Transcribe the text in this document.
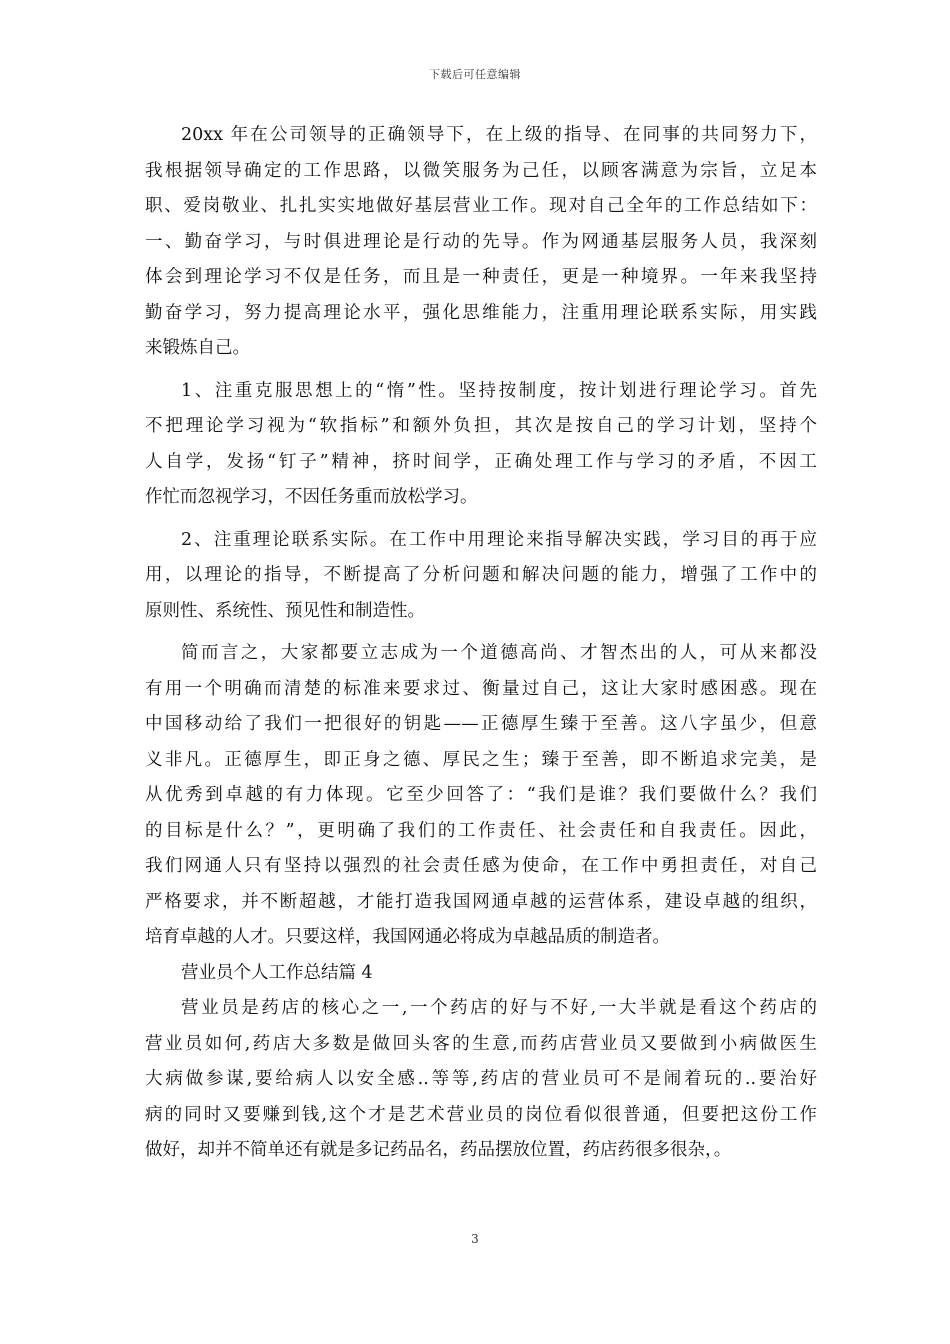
下载后可任意编辑
20xx 年在公司领导的正确领导下，在上级的指导、在同事的共同努力下，
我根据领导确定的工作思路，以微笑服务为己任，以顾客满意为宗旨，立足本
职、爱岗敬业、扎扎实实地做好基层营业工作。现对自己全年的工作总结如下：
一、勤奋学习，与时俱进理论是行动的先导。作为网通基层服务人员，我深刻
体会到理论学习不仅是任务，而且是一种责任，更是一种境界。一年来我坚持
勤奋学习，努力提高理论水平，强化思维能力，注重用理论联系实际，用实践
来锻炼自己。
1、注重克服思想上的“惰”性。坚持按制度，按计划进行理论学习。首先
不把理论学习视为“软指标”和额外负担，其次是按自己的学习计划，坚持个
人自学，发扬“钉子”精神，挤时间学，正确处理工作与学习的矛盾，不因工
作忙而忽视学习，不因任务重而放松学习。
2、注重理论联系实际。在工作中用理论来指导解决实践，学习目的再于应
用，以理论的指导，不断提高了分析问题和解决问题的能力，增强了工作中的
原则性、系统性、预见性和制造性。
简而言之，大家都要立志成为一个道德高尚、才智杰出的人，可从来都没
有用一个明确而清楚的标准来要求过、衡量过自己，这让大家时感困惑。现在
中国移动给了我们一把很好的钥匙——正德厚生臻于至善。这八字虽少，但意
义非凡。正德厚生，即正身之德、厚民之生；臻于至善，即不断追求完美，是
从优秀到卓越的有力体现。它至少回答了：“我们是谁？我们要做什么？我们
的目标是什么？”，更明确了我们的工作责任、社会责任和自我责任。因此，
我们网通人只有坚持以强烈的社会责任感为使命，在工作中勇担责任，对自己
严格要求，并不断超越，才能打造我国网通卓越的运营体系，建设卓越的组织，
培育卓越的人才。只要这样，我国网通必将成为卓越品质的制造者。
营业员个人工作总结篇 4
营业员是药店的核心之一,一个药店的好与不好,一大半就是看这个药店的
营业员如何,药店大多数是做回头客的生意,而药店营业员又要做到小病做医生
大病做参谋,要给病人以安全感..等等,药店的营业员可不是闹着玩的..要治好
病的同时又要赚到钱,这个才是艺术营业员的岗位看似很普通，但要把这份工作
做好，却并不简单还有就是多记药品名，药品摆放位置，药店药很多很杂，。
3
